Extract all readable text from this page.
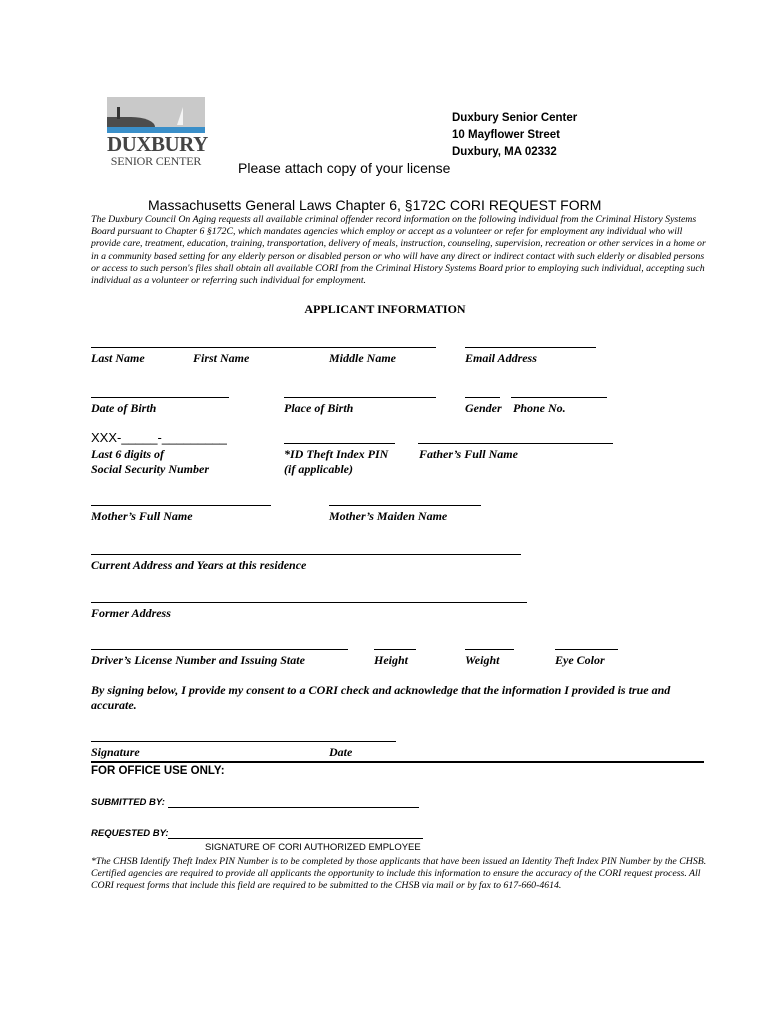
DUXBURY
SENIOR CENTER
Duxbury Senior Center
10 Mayflower Street
Duxbury, MA 02332
Please attach copy of your license
Massachusetts General Laws Chapter 6, §172C CORI REQUEST FORM
The Duxbury Council On Aging requests all available criminal offender record information on the following individual from the Criminal History Systems Board pursuant to Chapter 6 §172C, which mandates agencies which employ or accept as a volunteer or refer for employment any individual who will provide care, treatment, education, training, transportation, delivery of meals, instruction, counseling, supervision, recreation or other services in a home or in a community based setting for any elderly person or disabled person or who will have any direct or indirect contact with such elderly or disabled persons or access to such person's files shall obtain all available CORI from the Criminal History Systems Board prior to employing such individual, accepting such individual as a volunteer or referring such individual for employment.
APPLICANT INFORMATION
Last Name	First Name	Middle Name	Email Address
Date of Birth	Place of Birth	Gender Phone No.
XXX-_____-_________
Last 6 digits of
Social Security Number
*ID Theft Index PIN
(if applicable)
Father’s Full Name
Mother’s Full Name	Mother’s Maiden Name
Current Address and Years at this residence
Former Address
Driver’s License Number and Issuing State	Height	Weight	Eye Color
By signing below, I provide my consent to a CORI check and acknowledge that the information I provided is true and accurate.
Signature	Date
FOR OFFICE USE ONLY:
SUBMITTED BY:
REQUESTED BY:
SIGNATURE OF CORI AUTHORIZED EMPLOYEE
*The CHSB Identify Theft Index PIN Number is to be completed by those applicants that have been issued an Identity Theft Index PIN Number by the CHSB. Certified agencies are required to provide all applicants the opportunity to include this information to ensure the accuracy of the CORI request process. All CORI request forms that include this field are required to be submitted to the CHSB via mail or by fax to 617-660-4614.
